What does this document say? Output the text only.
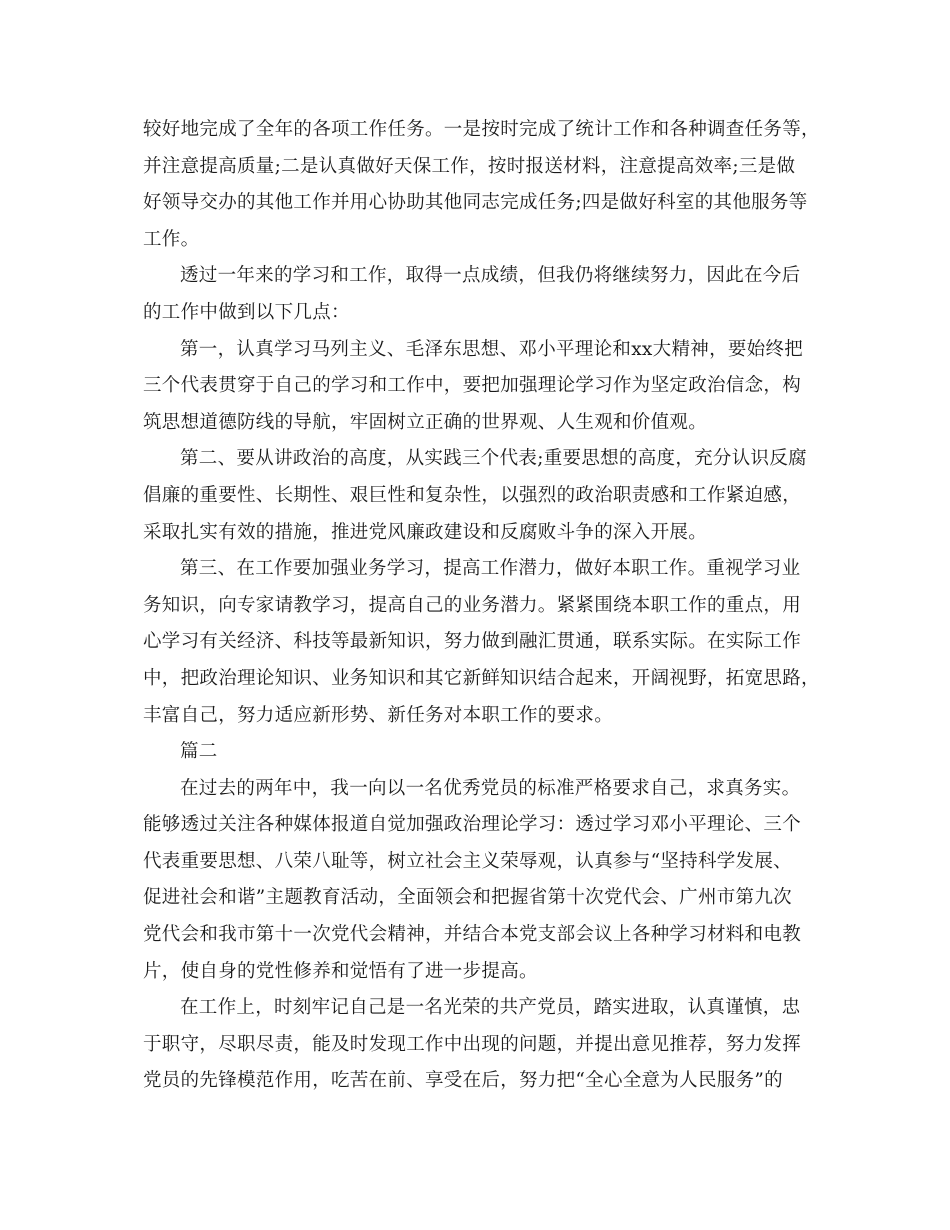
较好地完成了全年的各项工作任务。一是按时完成了统计工作和各种调查任务等，
并注意提高质量;二是认真做好天保工作，按时报送材料，注意提高效率;三是做
好领导交办的其他工作并用心协助其他同志完成任务;四是做好科室的其他服务等
工作。
透过一年来的学习和工作，取得一点成绩，但我仍将继续努力，因此在今后
的工作中做到以下几点：
第一，认真学习马列主义、毛泽东思想、邓小平理论和xx大精神，要始终把
三个代表贯穿于自己的学习和工作中，要把加强理论学习作为坚定政治信念，构
筑思想道德防线的导航，牢固树立正确的世界观、人生观和价值观。
第二、要从讲政治的高度，从实践三个代表;重要思想的高度，充分认识反腐
倡廉的重要性、长期性、艰巨性和复杂性，以强烈的政治职责感和工作紧迫感，
采取扎实有效的措施，推进党风廉政建设和反腐败斗争的深入开展。
第三、在工作要加强业务学习，提高工作潜力，做好本职工作。重视学习业
务知识，向专家请教学习，提高自己的业务潜力。紧紧围绕本职工作的重点，用
心学习有关经济、科技等最新知识，努力做到融汇贯通，联系实际。在实际工作
中，把政治理论知识、业务知识和其它新鲜知识结合起来，开阔视野，拓宽思路，
丰富自己，努力适应新形势、新任务对本职工作的要求。
篇二
在过去的两年中，我一向以一名优秀党员的标准严格要求自己，求真务实。
能够透过关注各种媒体报道自觉加强政治理论学习：透过学习邓小平理论、三个
代表重要思想、八荣八耻等，树立社会主义荣辱观，认真参与“坚持科学发展、
促进社会和谐”主题教育活动，全面领会和把握省第十次党代会、广州市第九次
党代会和我市第十一次党代会精神，并结合本党支部会议上各种学习材料和电教
片，使自身的党性修养和觉悟有了进一步提高。
在工作上，时刻牢记自己是一名光荣的共产党员，踏实进取，认真谨慎，忠
于职守，尽职尽责，能及时发现工作中出现的问题，并提出意见推荐，努力发挥
党员的先锋模范作用，吃苦在前、享受在后，努力把“全心全意为人民服务”的
